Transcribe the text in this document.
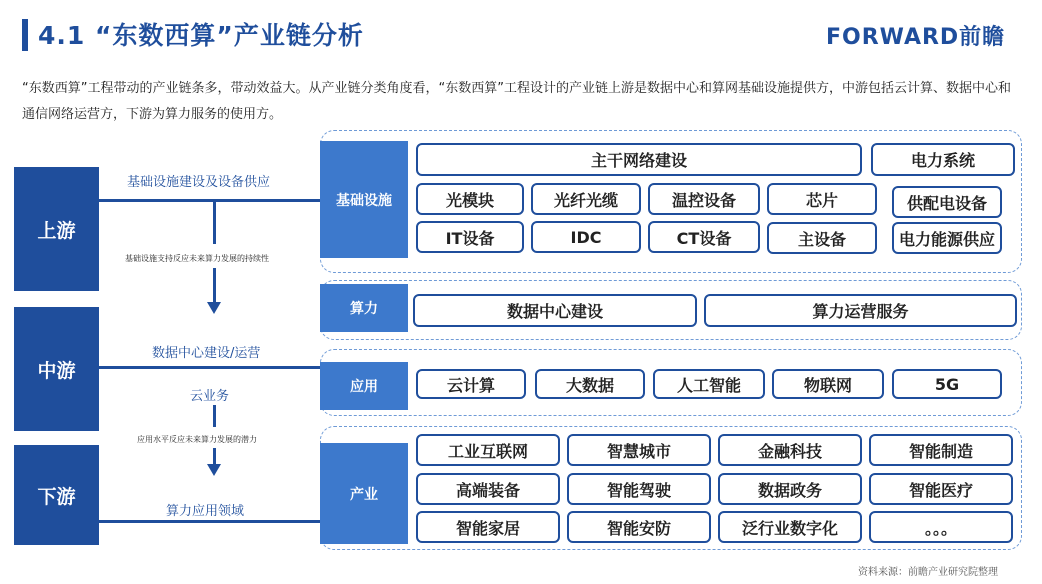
4.1 “东数西算”产业链分析	FORWARD前瞻
“东数西算”工程带动的产业链条多，带动效益大。从产业链分类角度看，“东数西算”工程设计的产业链上游是数据中心和算网基础设施提供方，中游包括云计算、数据中心和通信网络运营方，下游为算力服务的使用方。
上游
中游
下游
基础设施建设及设备供应
数据中心建设/运营
云业务
算力应用领域
基础设施支持反应未来算力发展的持续性
应用水平反应未来算力发展的潜力
基础设施
算力
应用
产业
主干网络建设	电力系统
光模块	光纤光缆	温控设备	芯片	供配电设备
IT设备	IDC	CT设备	主设备	电力能源供应
数据中心建设	算力运营服务
云计算	大数据	人工智能	物联网	5G
工业互联网	智慧城市	金融科技	智能制造
高端装备	智能驾驶	数据政务	智能医疗
智能家居	智能安防	泛行业数字化	。。。
资料来源：前瞻产业研究院整理
